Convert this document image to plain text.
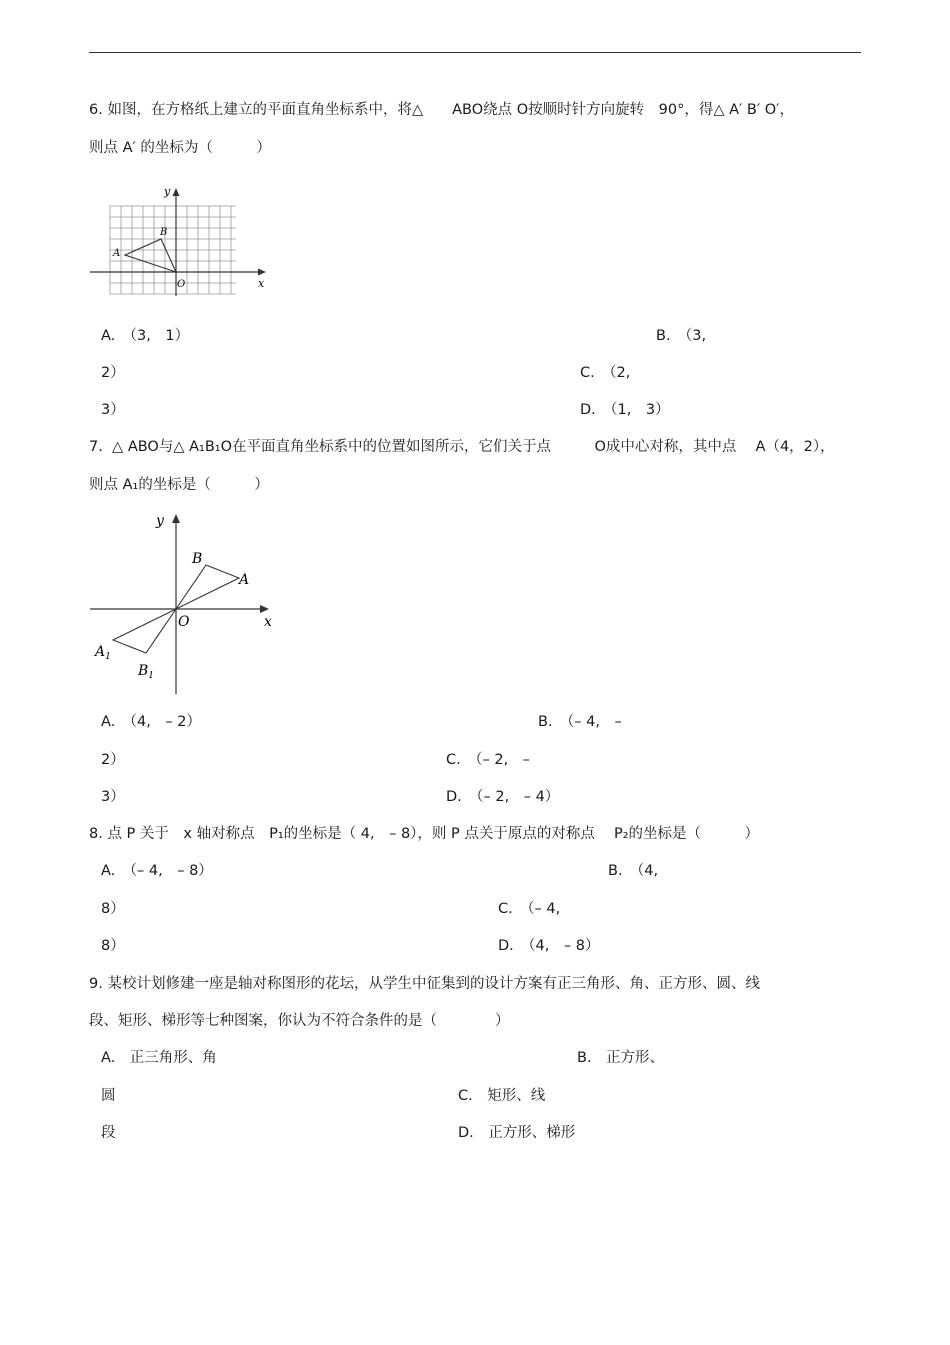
6. 如图，在方格纸上建立的平面直角坐标系中，将△　　ABO绕点 O按顺时针方向旋转　90°，得△ A′ B′ O′，
则点 A′ 的坐标为（　　　）
y
x
A
B
O
A.　（3,　1）	B.　（3,
2）	C.　（2,
3）	D.　（1,　3）
7.  △ ABO与△ A₁B₁O在平面直角坐标系中的位置如图所示，它们关于点　　　O成中心对称，其中点　 A（4，2），
则点 A₁的坐标是（　　　）
y
x
B
A
O
$A_1$
$B_1$
A.　（4,　– 2）	B.　（– 4,　–
2）	C.　（– 2,　–
3）	D.　（– 2,　– 4）
8. 点 P 关于　x 轴对称点　P₁的坐标是（ 4,　– 8），则 P 点关于原点的对称点　 P₂的坐标是（　　　）
A.　（– 4,　– 8）	B.　（4,
8）	C.　（– 4,
8）	D.　（4,　– 8）
9. 某校计划修建一座是轴对称图形的花坛，从学生中征集到的设计方案有正三角形、角、正方形、圆、线
段、矩形、梯形等七种图案，你认为不符合条件的是（　　　　）
A.　正三角形、角	B.　正方形、
圆	C.　矩形、线
段	D.　正方形、梯形
